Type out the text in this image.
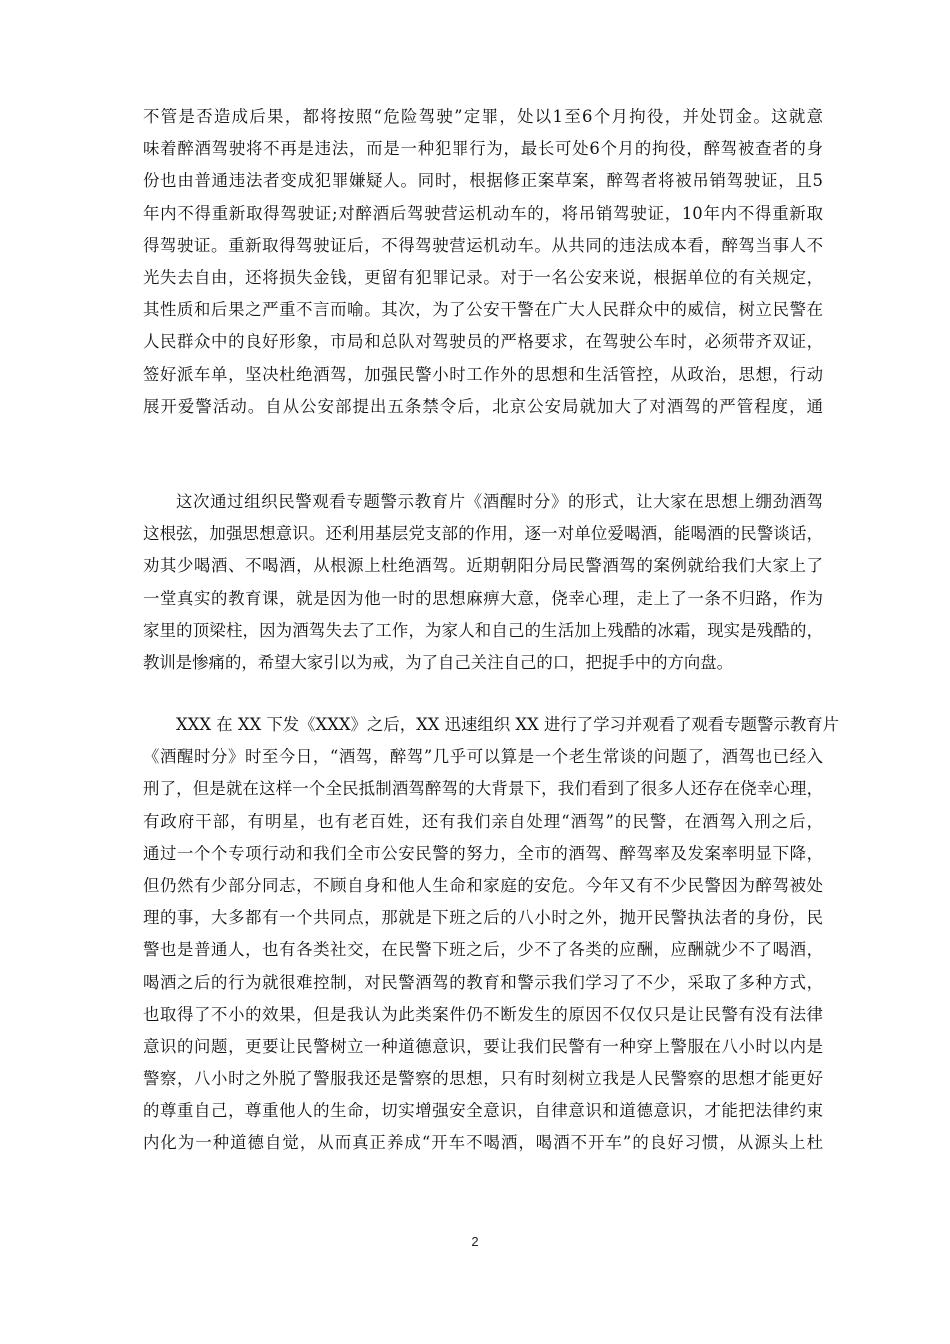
不管是否造成后果，都将按照“危险驾驶”定罪，处以1至6个月拘役，并处罚金。这就意
味着醉酒驾驶将不再是违法，而是一种犯罪行为，最长可处6个月的拘役，醉驾被查者的身
份也由普通违法者变成犯罪嫌疑人。同时，根据修正案草案，醉驾者将被吊销驾驶证，且5
年内不得重新取得驾驶证;对醉酒后驾驶营运机动车的，将吊销驾驶证，10年内不得重新取
得驾驶证。重新取得驾驶证后，不得驾驶营运机动车。从共同的违法成本看，醉驾当事人不
光失去自由，还将损失金钱，更留有犯罪记录。对于一名公安来说，根据单位的有关规定，
其性质和后果之严重不言而喻。其次，为了公安干警在广大人民群众中的威信，树立民警在
人民群众中的良好形象，市局和总队对驾驶员的严格要求，在驾驶公车时，必须带齐双证，
签好派车单，坚决杜绝酒驾，加强民警小时工作外的思想和生活管控，从政治，思想，行动
展开爱警活动。自从公安部提出五条禁令后，北京公安局就加大了对酒驾的严管程度，通
这次通过组织民警观看专题警示教育片《酒醒时分》的形式，让大家在思想上绷劲酒驾
这根弦，加强思想意识。还利用基层党支部的作用，逐一对单位爱喝酒，能喝酒的民警谈话，
劝其少喝酒、不喝酒，从根源上杜绝酒驾。近期朝阳分局民警酒驾的案例就给我们大家上了
一堂真实的教育课，就是因为他一时的思想麻痹大意，侥幸心理，走上了一条不归路，作为
家里的顶梁柱，因为酒驾失去了工作，为家人和自己的生活加上残酷的冰霜，现实是残酷的，
教训是惨痛的，希望大家引以为戒，为了自己关注自己的口，把捉手中的方向盘。
XXX 在 XX 下发《XXX》之后，XX 迅速组织 XX 进行了学习并观看了观看专题警示教育片
《酒醒时分》时至今日，“酒驾，醉驾”几乎可以算是一个老生常谈的问题了，酒驾也已经入
刑了，但是就在这样一个全民抵制酒驾醉驾的大背景下，我们看到了很多人还存在侥幸心理，
有政府干部，有明星，也有老百姓，还有我们亲自处理“酒驾”的民警，在酒驾入刑之后，
通过一个个专项行动和我们全市公安民警的努力，全市的酒驾、醉驾率及发案率明显下降，
但仍然有少部分同志，不顾自身和他人生命和家庭的安危。今年又有不少民警因为醉驾被处
理的事，大多都有一个共同点，那就是下班之后的八小时之外，抛开民警执法者的身份，民
警也是普通人，也有各类社交，在民警下班之后，少不了各类的应酬，应酬就少不了喝酒，
喝酒之后的行为就很难控制，对民警酒驾的教育和警示我们学习了不少，采取了多种方式，
也取得了不小的效果，但是我认为此类案件仍不断发生的原因不仅仅只是让民警有没有法律
意识的问题，更要让民警树立一种道德意识，要让我们民警有一种穿上警服在八小时以内是
警察，八小时之外脱了警服我还是警察的思想，只有时刻树立我是人民警察的思想才能更好
的尊重自己，尊重他人的生命，切实增强安全意识，自律意识和道德意识，才能把法律约束
内化为一种道德自觉，从而真正养成“开车不喝酒，喝酒不开车”的良好习惯，从源头上杜
2
